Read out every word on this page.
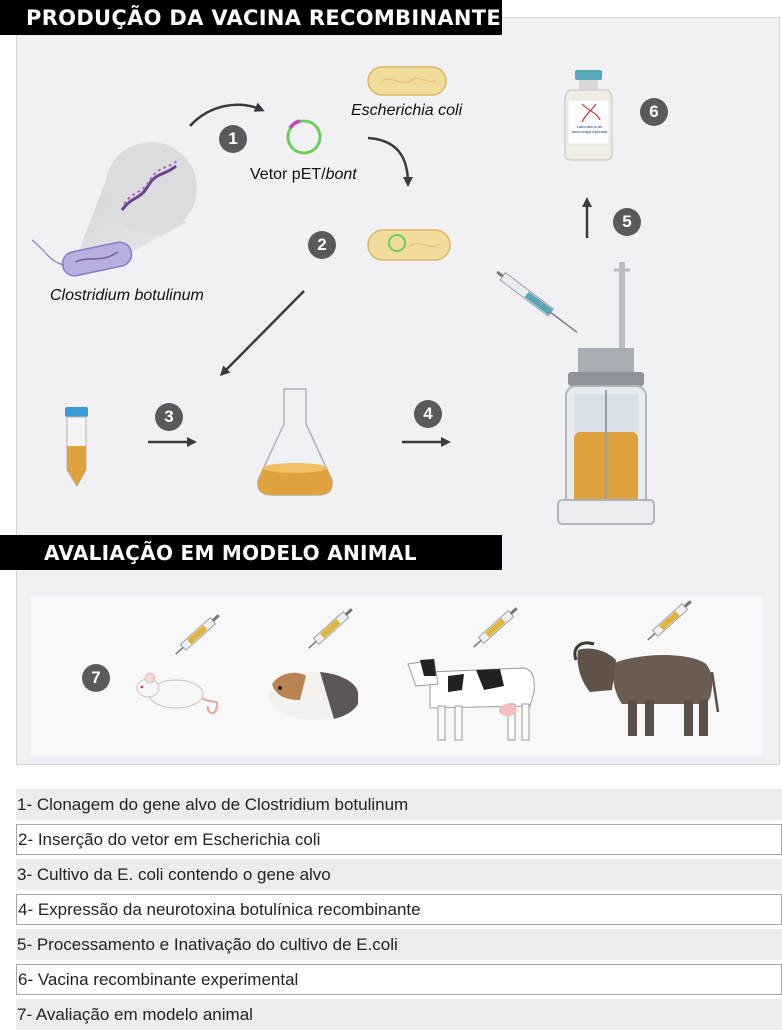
PRODUÇÃO DA VACINA RECOMBINANTE
Escherichia coli
Vetor pET/bont
Clostridium botulinum
Laboratório de Imunologia Aplicada
1
2
3	4
5
6
AVALIAÇÃO EM MODELO ANIMAL
7
1- Clonagem do gene alvo de Clostridium botulinum
2- Inserção do vetor em Escherichia coli
3- Cultivo da E. coli contendo o gene alvo
4- Expressão da neurotoxina botulínica recombinante
5- Processamento e Inativação do cultivo de E.coli
6- Vacina recombinante experimental
7- Avaliação em modelo animal
